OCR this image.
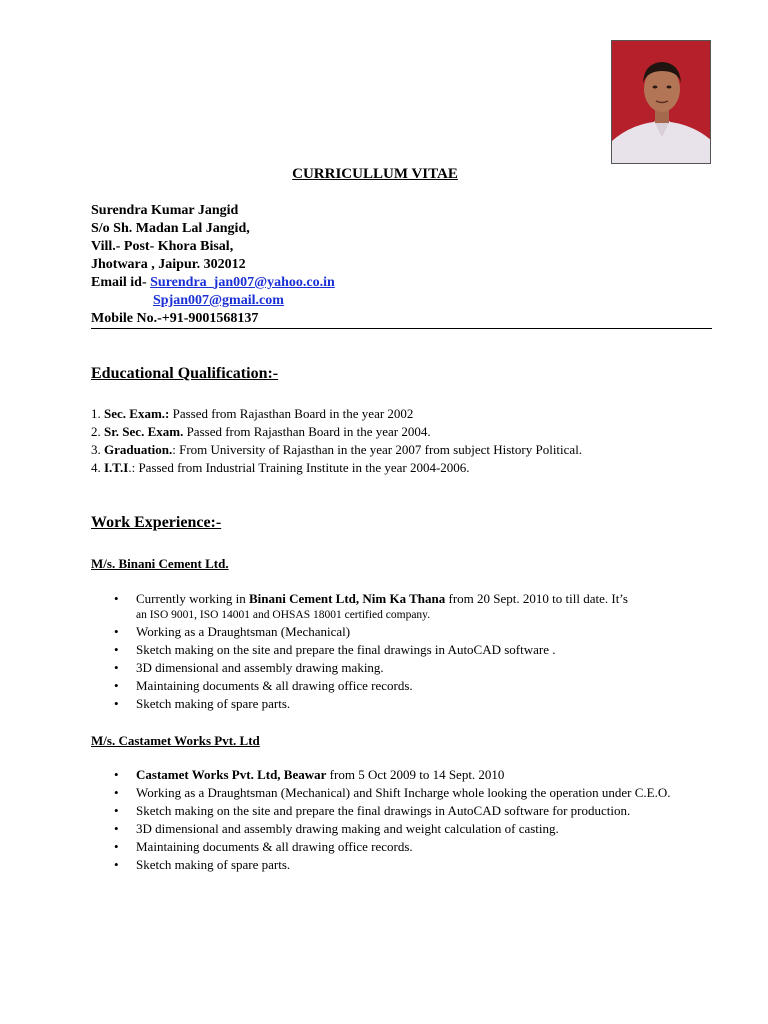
CURRICULLUM VITAE
Surendra Kumar Jangid
S/o Sh. Madan Lal Jangid,
Vill.- Post- Khora Bisal,
Jhotwara , Jaipur. 302012
Email id- Surendra_jan007@yahoo.co.in
Spjan007@gmail.com
Mobile No.-+91-9001568137
Educational Qualification:-
1. Sec. Exam.: Passed from Rajasthan Board in the year 2002
2. Sr. Sec. Exam. Passed from Rajasthan Board in the year 2004.
3. Graduation.: From University of Rajasthan in the year 2007 from subject History Political.
4. I.T.I.: Passed from Industrial Training Institute in the year 2004-2006.
Work Experience:-
M/s. Binani Cement Ltd.
• Currently working in Binani Cement Ltd, Nim Ka Thana from 20 Sept. 2010 to till date. It’s
an ISO 9001, ISO 14001 and OHSAS 18001 certified company.
• Working as a Draughtsman (Mechanical)
• Sketch making on the site and prepare the final drawings in AutoCAD software .
• 3D dimensional and assembly drawing making.
• Maintaining documents & all drawing office records.
• Sketch making of spare parts.
M/s. Castamet Works Pvt. Ltd
• Castamet Works Pvt. Ltd, Beawar from 5 Oct 2009 to 14 Sept. 2010
• Working as a Draughtsman (Mechanical) and Shift Incharge whole looking the operation under C.E.O.
• Sketch making on the site and prepare the final drawings in AutoCAD software for production.
• 3D dimensional and assembly drawing making and weight calculation of casting.
• Maintaining documents & all drawing office records.
• Sketch making of spare parts.
